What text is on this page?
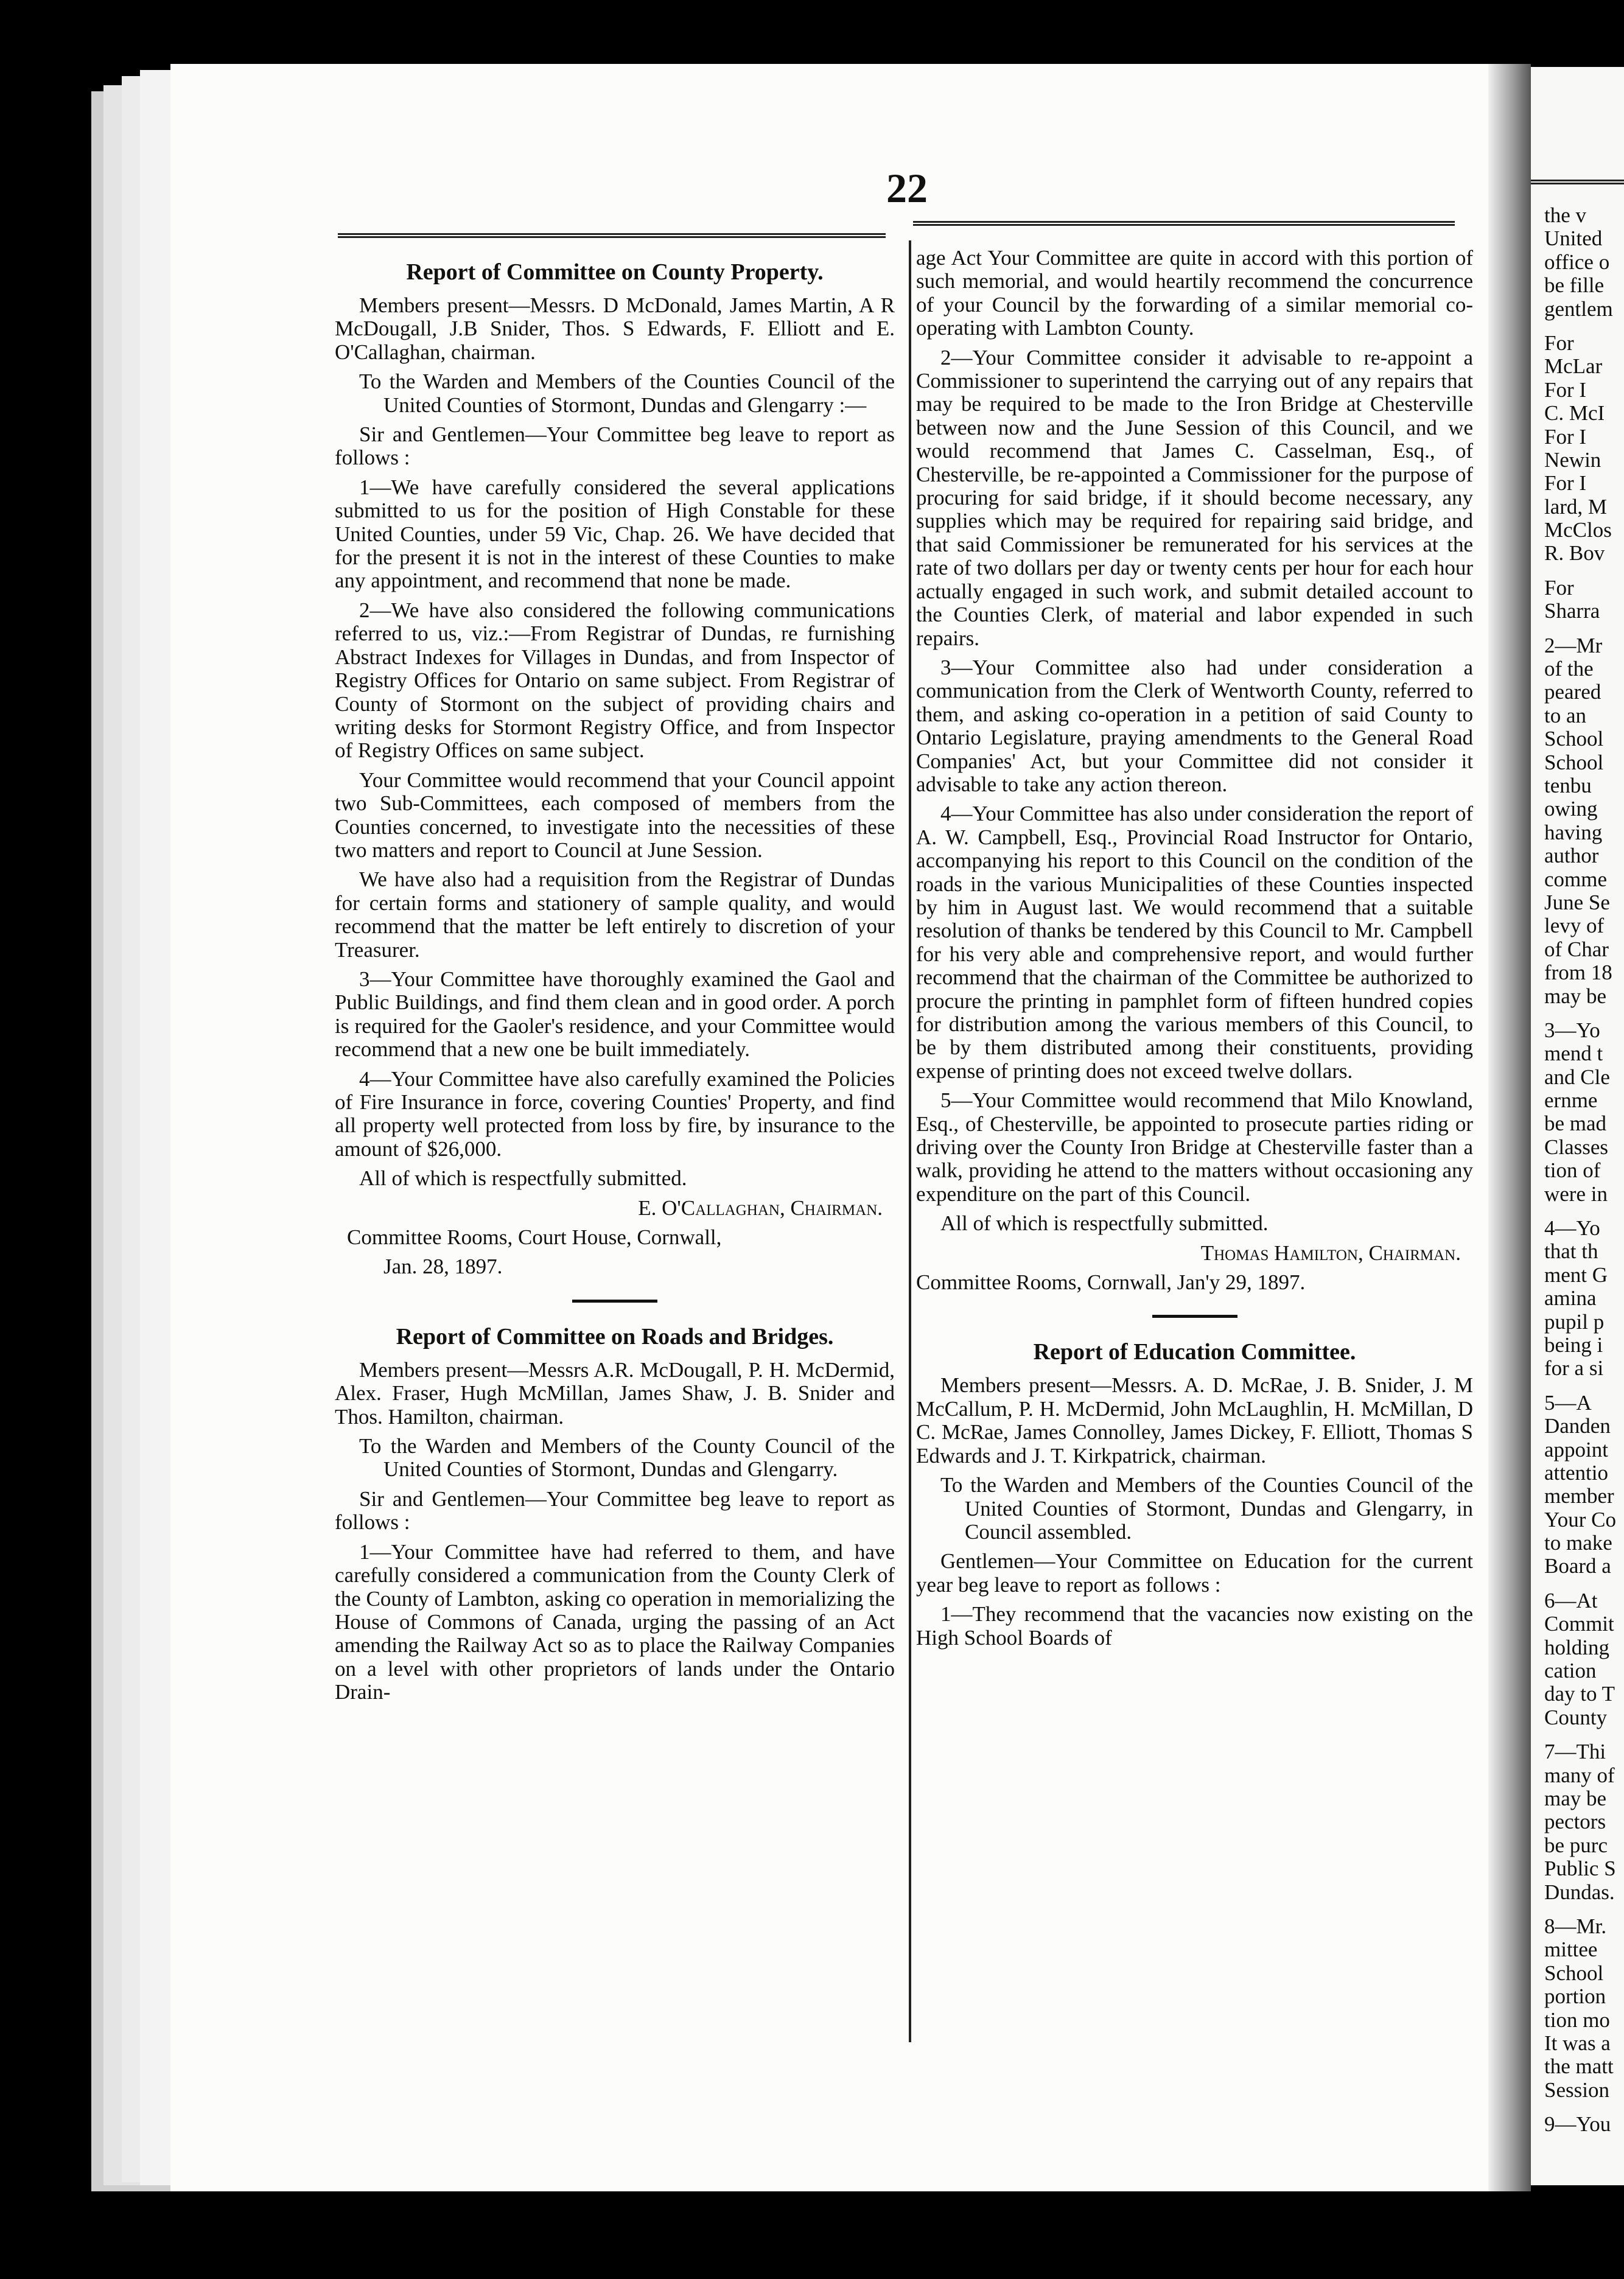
22
Report of Committee on County Property.

Members present—Messrs. D McDonald, James Martin, A R McDougall, J.B Snider, Thos. S Edwards, F. Elliott and E. O'Callaghan, chairman.

To the Warden and Members of the Counties Council of the United Counties of Stormont, Dundas and Glengarry :—

Sir and Gentlemen—Your Committee beg leave to report as follows :

1—We have carefully considered the several applications submitted to us for the position of High Constable for these United Counties, under 59 Vic, Chap. 26. We have decided that for the present it is not in the interest of these Counties to make any appointment, and recommend that none be made.

2—We have also considered the following communications referred to us, viz.:—From Registrar of Dundas, re furnishing Abstract Indexes for Villages in Dundas, and from Inspector of Registry Offices for Ontario on same subject. From Registrar of County of Stormont on the subject of providing chairs and writing desks for Stormont Registry Office, and from Inspector of Registry Offices on same subject.

Your Committee would recommend that your Council appoint two Sub-Committees, each composed of members from the Counties concerned, to investigate into the necessities of these two matters and report to Council at June Session.

We have also had a requisition from the Registrar of Dundas for certain forms and stationery of sample quality, and would recommend that the matter be left entirely to discretion of your Treasurer.

3—Your Committee have thoroughly examined the Gaol and Public Buildings, and find them clean and in good order. A porch is required for the Gaoler's residence, and your Committee would recommend that a new one be built immediately.

4—Your Committee have also carefully examined the Policies of Fire Insurance in force, covering Counties' Property, and find all property well protected from loss by fire, by insurance to the amount of $26,000.

All of which is respectfully submitted.

E. O'Callaghan, Chairman.

Committee Rooms, Court House, Cornwall,

Jan. 28, 1897.

Report of Committee on Roads and Bridges.

Members present—Messrs A.R. McDougall, P. H. McDermid, Alex. Fraser, Hugh McMillan, James Shaw, J. B. Snider and Thos. Hamilton, chairman.

To the Warden and Members of the County Council of the United Counties of Stormont, Dundas and Glengarry.

Sir and Gentlemen—Your Committee beg leave to report as follows :

1—Your Committee have had referred to them, and have carefully considered a communication from the County Clerk of the County of Lambton, asking co operation in memorializing the House of Commons of Canada, urging the passing of an Act amending the Railway Act so as to place the Railway Companies on a level with other proprietors of lands under the Ontario Drain-

age Act Your Committee are quite in accord with this portion of such memorial, and would heartily recommend the concurrence of your Council by the forwarding of a similar memorial co-operating with Lambton County.

2—Your Committee consider it advisable to re-appoint a Commissioner to superintend the carrying out of any repairs that may be required to be made to the Iron Bridge at Chesterville between now and the June Session of this Council, and we would recommend that James C. Casselman, Esq., of Chesterville, be re-appointed a Commissioner for the purpose of procuring for said bridge, if it should become necessary, any supplies which may be required for repairing said bridge, and that said Commissioner be remunerated for his services at the rate of two dollars per day or twenty cents per hour for each hour actually engaged in such work, and submit detailed account to the Counties Clerk, of material and labor expended in such repairs.

3—Your Committee also had under consideration a communication from the Clerk of Wentworth County, referred to them, and asking co-operation in a petition of said County to Ontario Legislature, praying amendments to the General Road Companies' Act, but your Committee did not consider it advisable to take any action thereon.

4—Your Committee has also under consideration the report of A. W. Campbell, Esq., Provincial Road Instructor for Ontario, accompanying his report to this Council on the condition of the roads in the various Municipalities of these Counties inspected by him in August last. We would recommend that a suitable resolution of thanks be tendered by this Council to Mr. Campbell for his very able and comprehensive report, and would further recommend that the chairman of the Committee be authorized to procure the printing in pamphlet form of fifteen hundred copies for distribution among the various members of this Council, to be by them distributed among their constituents, providing expense of printing does not exceed twelve dollars.

5—Your Committee would recommend that Milo Knowland, Esq., of Chesterville, be appointed to prosecute parties riding or driving over the County Iron Bridge at Chesterville faster than a walk, providing he attend to the matters without occasioning any expenditure on the part of this Council.

All of which is respectfully submitted.

Thomas Hamilton, Chairman.

Committee Rooms, Cornwall, Jan'y 29, 1897.

Report of Education Committee.

Members present—Messrs. A. D. McRae, J. B. Snider, J. M McCallum, P. H. McDermid, John McLaughlin, H. McMillan, D C. McRae, James Connolley, James Dickey, F. Elliott, Thomas S Edwards and J. T. Kirkpatrick, chairman.

To the Warden and Members of the Counties Council of the United Counties of Stormont, Dundas and Glengarry, in Council assembled.

Gentlemen—Your Committee on Education for the current year beg leave to report as follows :

1—They recommend that the vacancies now existing on the High School Boards of

the v
United
office o
be fille
gentlem
For
McLar
For I
C. McI
For I
Newin
For I
lard, M
McClos
R. Bov
For
Sharra
2—Mr
of the
peared
to an
School
School
tenbu
owing
having
author
comme
June Se
levy of
of Char
from 18
may be
3—Yo
mend t
and Cle
ernme
be mad
Classes
tion of
were in
4—Yo
that th
ment G
amina
pupil p
being i
for a si
5—A
Danden
appoint
attentio
member
Your Co
to make
Board a
6—At
Commit
holding
cation
day to T
County
7—Thi
many of
may be
pectors
be purc
Public S
Dundas.
8—Mr.
mittee
School
portion
tion mo
It was a
the matt
Session
9—You
